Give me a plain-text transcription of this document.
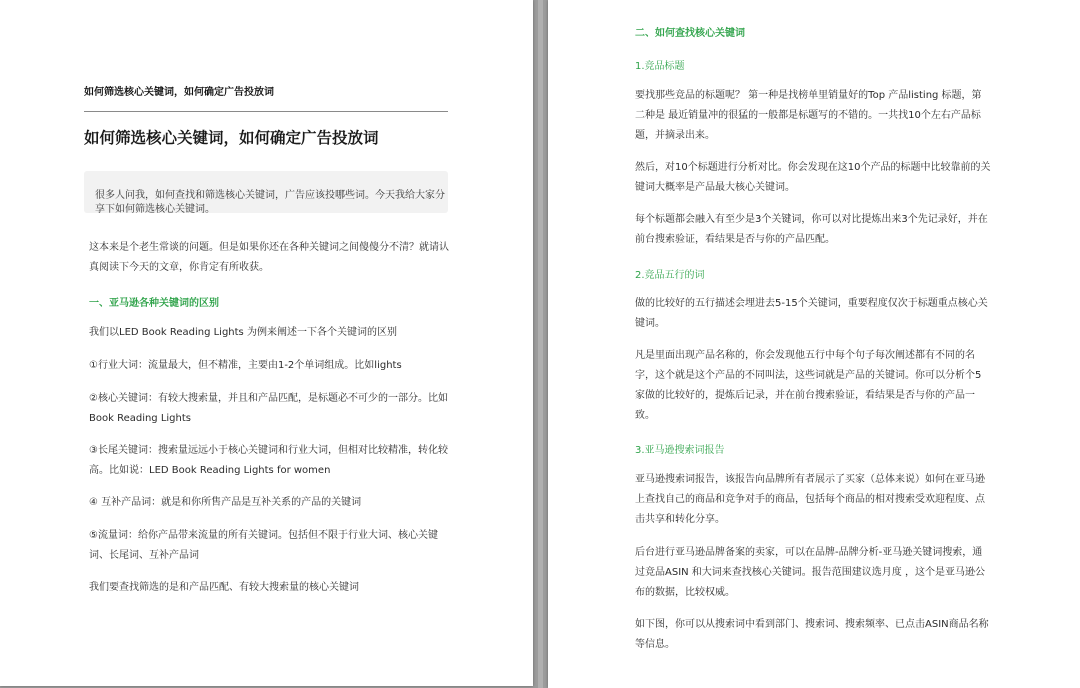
如何筛选核心关键词，如何确定广告投放词

如何筛选核心关键词，如何确定广告投放词

很多人问我，如何查找和筛选核心关键词，广告应该投哪些词。今天我给大家分享下如何筛选核心关键词。

这本来是个老生常谈的问题。但是如果你还在各种关键词之间傻傻分不清？就请认真阅读下今天的文章，你肯定有所收获。

一、亚马逊各种关键词的区别

我们以LED Book Reading Lights 为例来阐述一下各个关键词的区别

①行业大词：流量最大，但不精准，主要由1-2个单词组成。比如lights

②核心关键词：有较大搜索量，并且和产品匹配，是标题必不可少的一部分。比如Book Reading Lights

③长尾关键词：搜索量远远小于核心关键词和行业大词，但相对比较精准，转化较高。比如说：LED Book Reading Lights for women

④ 互补产品词：就是和你所售产品是互补关系的产品的关键词

⑤流量词：给你产品带来流量的所有关键词。包括但不限于行业大词、核心关键词、长尾词、互补产品词

我们要查找筛选的是和产品匹配、有较大搜索量的核心关键词

二、如何查找核心关键词

1.竞品标题

要找那些竞品的标题呢？ 第一种是找榜单里销量好的Top 产品listing 标题，第二种是 最近销量冲的很猛的一般都是标题写的不错的。一共找10个左右产品标题，并摘录出来。

然后，对10个标题进行分析对比。你会发现在这10个产品的标题中比较靠前的关键词大概率是产品最大核心关键词。

每个标题都会融入有至少是3个关键词，你可以对比提炼出来3个先记录好，并在前台搜索验证，看结果是否与你的产品匹配。

2.竞品五行的词

做的比较好的五行描述会埋进去5-15个关键词，重要程度仅次于标题重点核心关键词。

凡是里面出现产品名称的，你会发现他五行中每个句子每次阐述都有不同的名字，这个就是这个产品的不同叫法，这些词就是产品的关键词。你可以分析个5家做的比较好的，提炼后记录，并在前台搜索验证，看结果是否与你的产品一致。

3.亚马逊搜索词报告

亚马逊搜索词报告，该报告向品牌所有者展示了买家（总体来说）如何在亚马逊上查找自己的商品和竞争对手的商品，包括每个商品的相对搜索受欢迎程度、点击共享和转化分享。

后台进行亚马逊品牌备案的卖家，可以在品牌-品牌分析-亚马逊关键词搜索，通过竞品ASIN 和大词来查找核心关键词。报告范围建议选月度 ，这个是亚马逊公布的数据，比较权威。

如下图，你可以从搜索词中看到部门、搜索词、搜索频率、已点击ASIN商品名称等信息。
